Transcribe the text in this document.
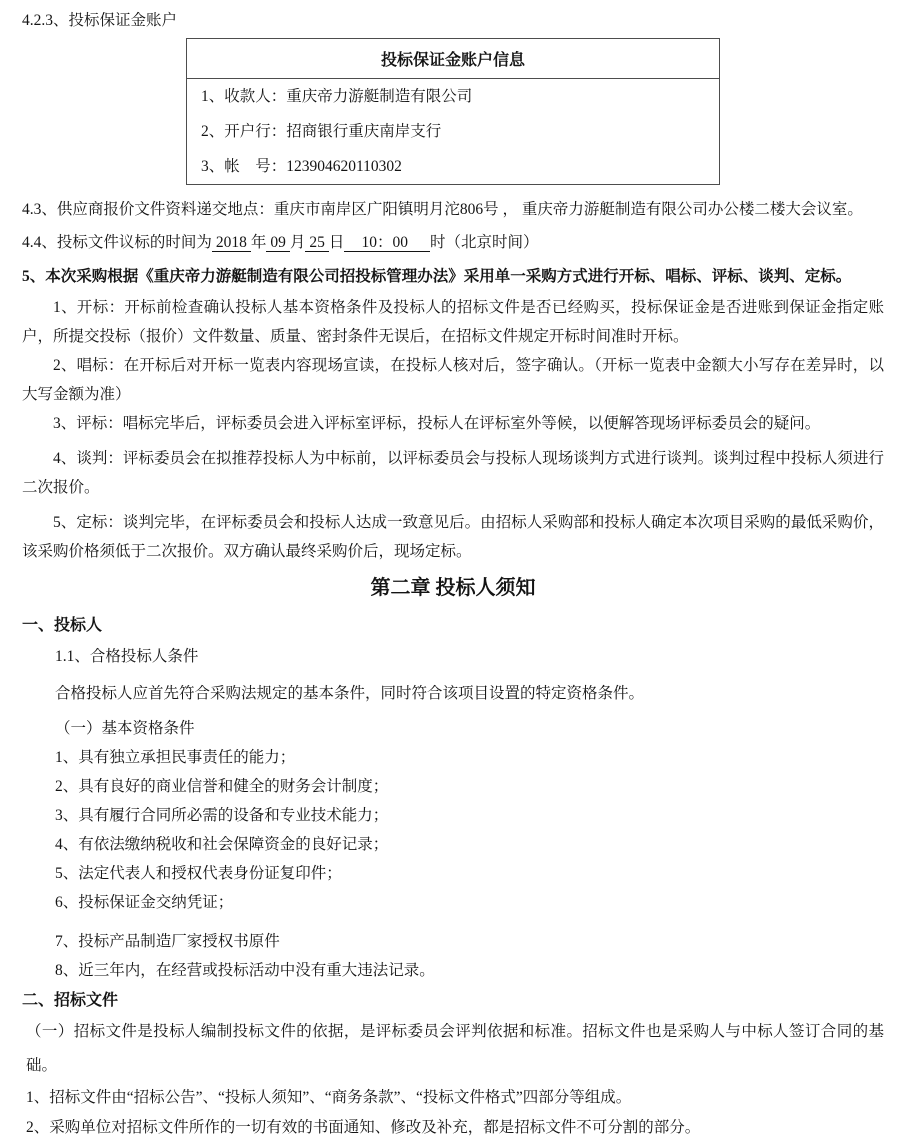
4.2.3、投标保证金账户

投标保证金账户信息

1、收款人：重庆帝力游艇制造有限公司
2、开户行：招商银行重庆南岸支行
3、帐　号：123904620110302

4.3、供应商报价文件资料递交地点：重庆市南岸区广阳镇明月沱806号 ， 重庆帝力游艇制造有限公司办公楼二楼大会议室。

4.4、投标文件议标的时间为 2018 年 09 月 25 日 10：00 时（北京时间）

5、本次采购根据《重庆帝力游艇制造有限公司招投标管理办法》采用单一采购方式进行开标、唱标、评标、谈判、定标。

1、开标：开标前检查确认投标人基本资格条件及投标人的招标文件是否已经购买，投标保证金是否进账到保证金指定账户，所提交投标（报价）文件数量、质量、密封条件无误后，在招标文件规定开标时间准时开标。

2、唱标：在开标后对开标一览表内容现场宣读，在投标人核对后，签字确认。（开标一览表中金额大小写存在差异时，以大写金额为准）

3、评标：唱标完毕后，评标委员会进入评标室评标，投标人在评标室外等候，以便解答现场评标委员会的疑问。

4、谈判：评标委员会在拟推荐投标人为中标前，以评标委员会与投标人现场谈判方式进行谈判。谈判过程中投标人须进行二次报价。

5、定标：谈判完毕，在评标委员会和投标人达成一致意见后。由招标人采购部和投标人确定本次项目采购的最低采购价，该采购价格须低于二次报价。双方确认最终采购价后，现场定标。

第二章 投标人须知

一、投标人

1.1、合格投标人条件

合格投标人应首先符合采购法规定的基本条件，同时符合该项目设置的特定资格条件。

（一）基本资格条件

1、具有独立承担民事责任的能力；

2、具有良好的商业信誉和健全的财务会计制度；

3、具有履行合同所必需的设备和专业技术能力；

4、有依法缴纳税收和社会保障资金的良好记录；

5、法定代表人和授权代表身份证复印件；

6、投标保证金交纳凭证；

7、投标产品制造厂家授权书原件

8、近三年内，在经营或投标活动中没有重大违法记录。

二、招标文件

（一）招标文件是投标人编制投标文件的依据，是评标委员会评判依据和标准。招标文件也是采购人与中标人签订合同的基础。

1、招标文件由“招标公告”、“投标人须知”、“商务条款”、“投标文件格式”四部分等组成。

2、采购单位对招标文件所作的一切有效的书面通知、修改及补充，都是招标文件不可分割的部分。
